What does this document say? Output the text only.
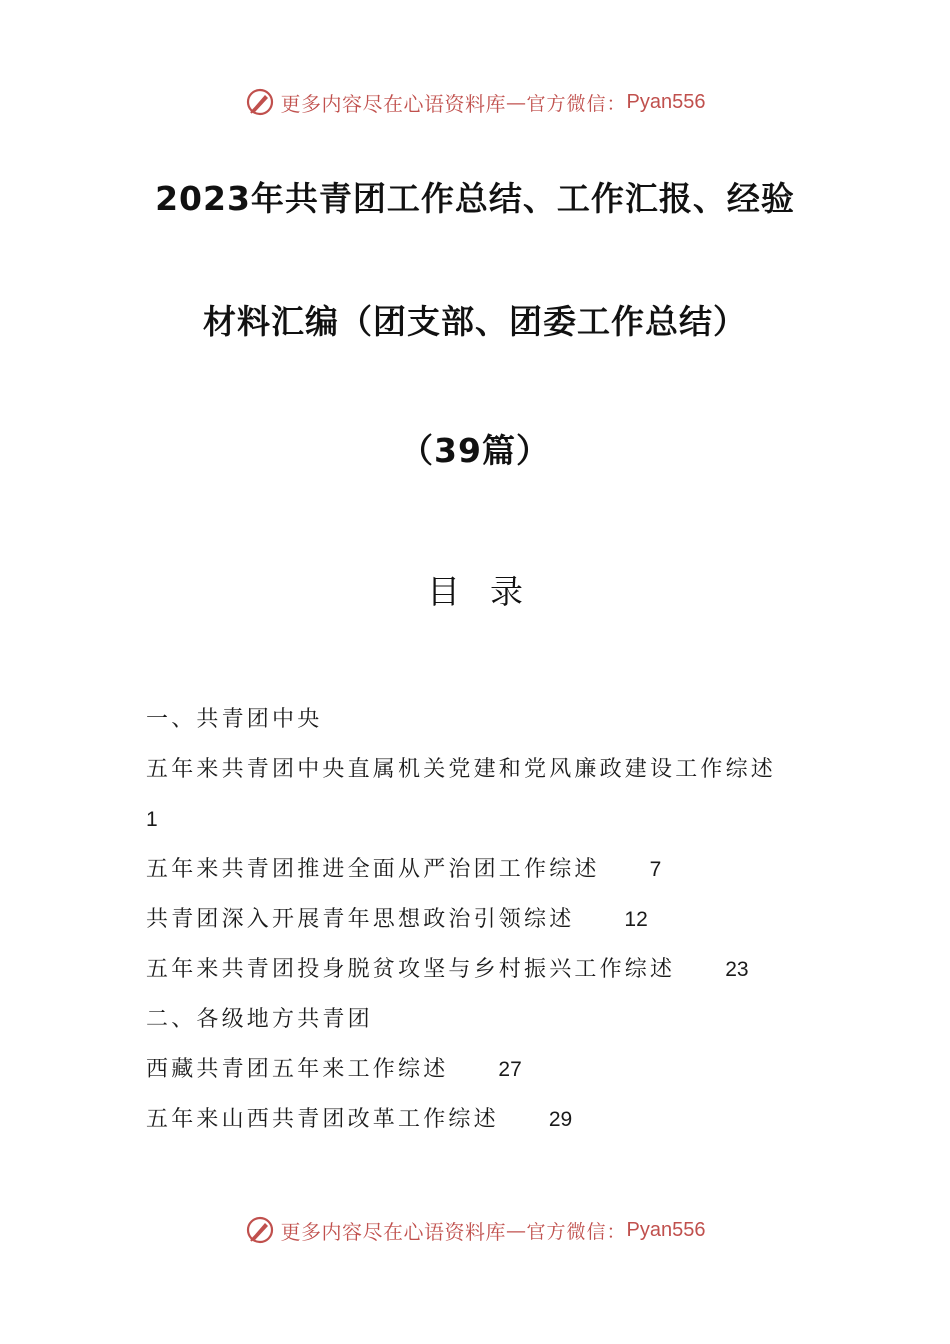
更多内容尽在心语资料库 — 官方微信： Pyan556
2023年共青团工作总结、工作汇报、经验
材料汇编（团支部、团委工作总结）
（39篇）
目录
一、共青团中央
五年来共青团中央直属机关党建和党风廉政建设工作综述
1
五年来共青团推进全面从严治团工作综述 7
共青团深入开展青年思想政治引领综述 12
五年来共青团投身脱贫攻坚与乡村振兴工作综述 23
二、各级地方共青团
西藏共青团五年来工作综述 27
五年来山西共青团改革工作综述 29
更多内容尽在心语资料库 — 官方微信： Pyan556
